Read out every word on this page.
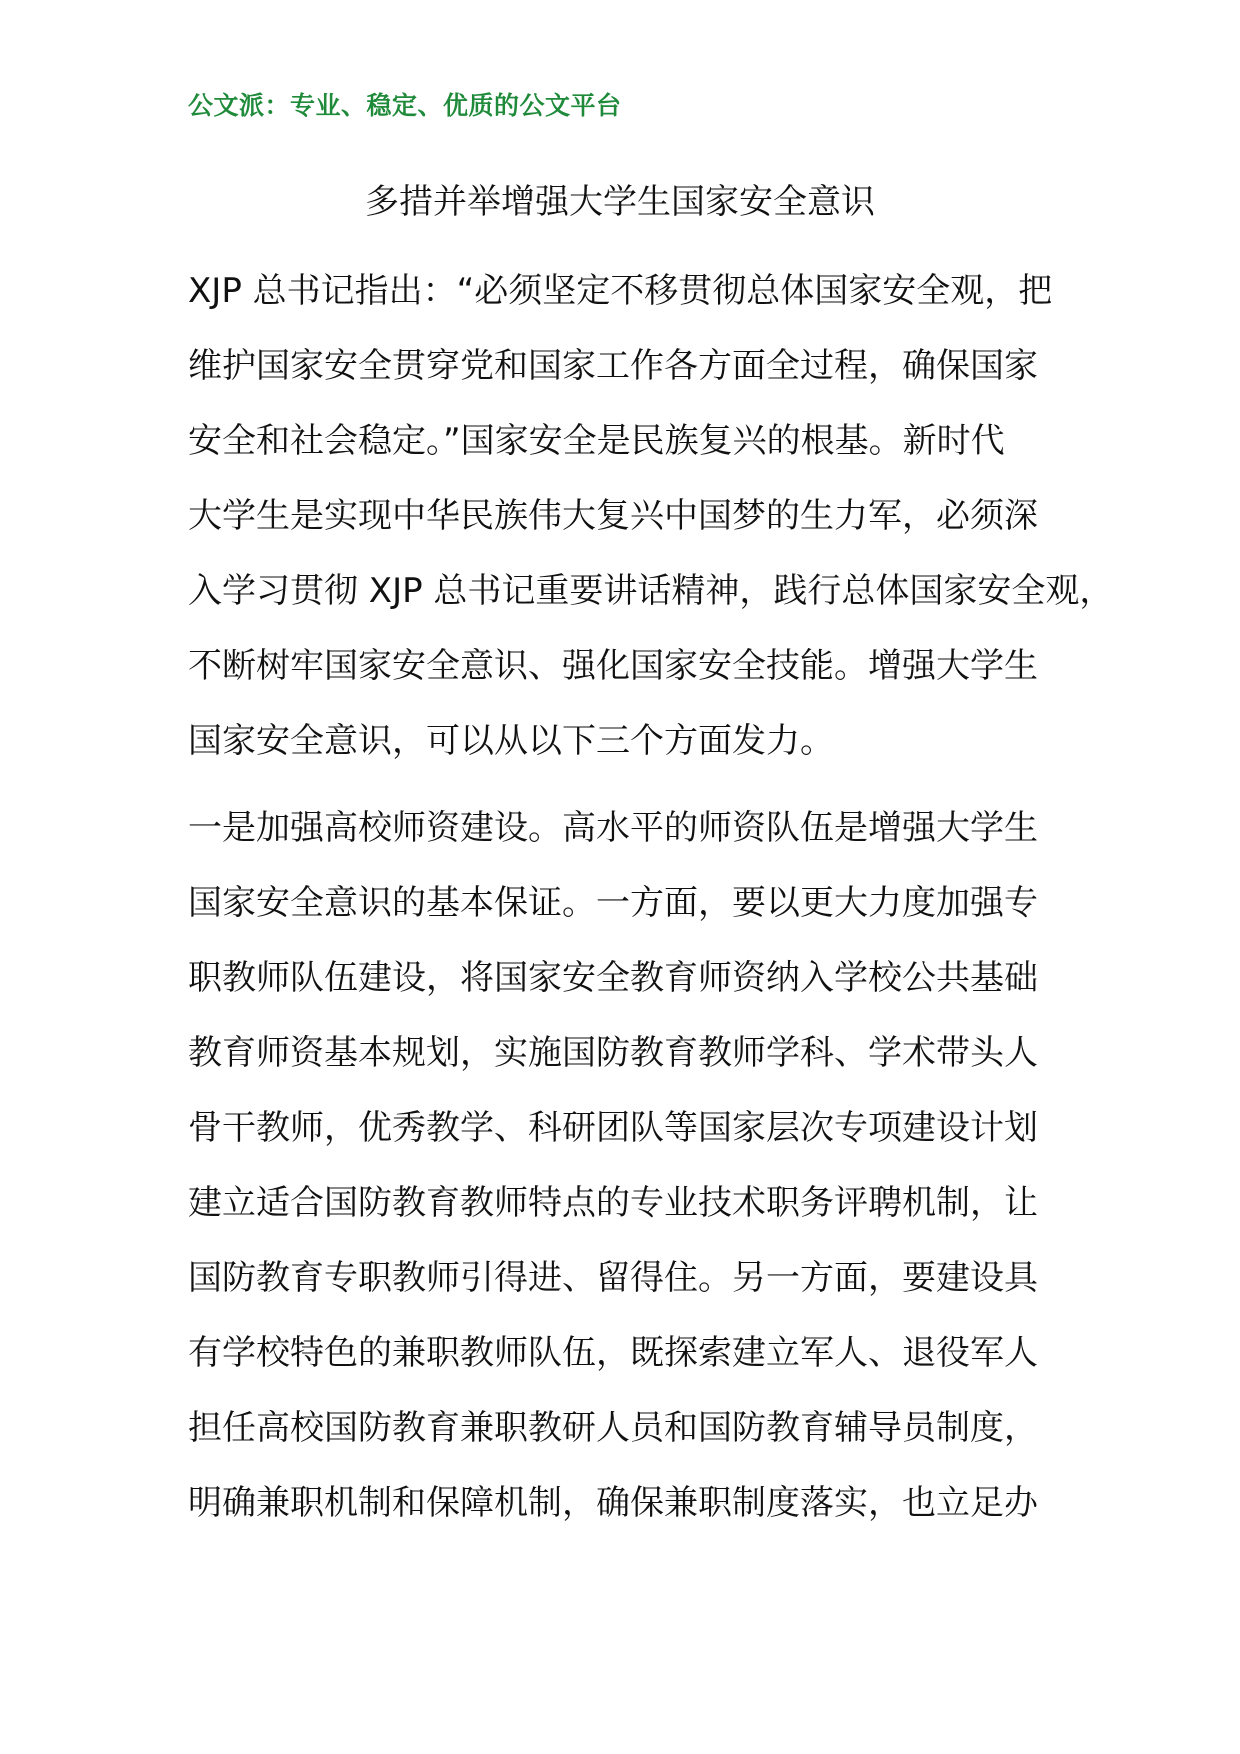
公文派：专业、稳定、优质的公文平台
多措并举增强大学生国家安全意识
XJP 总书记指出：“必须坚定不移贯彻总体国家安全观，把
维护国家安全贯穿党和国家工作各方面全过程，确保国家
安全和社会稳定。”国家安全是民族复兴的根基。新时代
大学生是实现中华民族伟大复兴中国梦的生力军，必须深
入学习贯彻 XJP 总书记重要讲话精神，践行总体国家安全观，
不断树牢国家安全意识、强化国家安全技能。增强大学生
国家安全意识，可以从以下三个方面发力。
一是加强高校师资建设。高水平的师资队伍是增强大学生
国家安全意识的基本保证。一方面，要以更大力度加强专
职教师队伍建设，将国家安全教育师资纳入学校公共基础
教育师资基本规划，实施国防教育教师学科、学术带头人
骨干教师，优秀教学、科研团队等国家层次专项建设计划
建立适合国防教育教师特点的专业技术职务评聘机制，让
国防教育专职教师引得进、留得住。另一方面，要建设具
有学校特色的兼职教师队伍，既探索建立军人、退役军人
担任高校国防教育兼职教研人员和国防教育辅导员制度，
明确兼职机制和保障机制，确保兼职制度落实，也立足办
